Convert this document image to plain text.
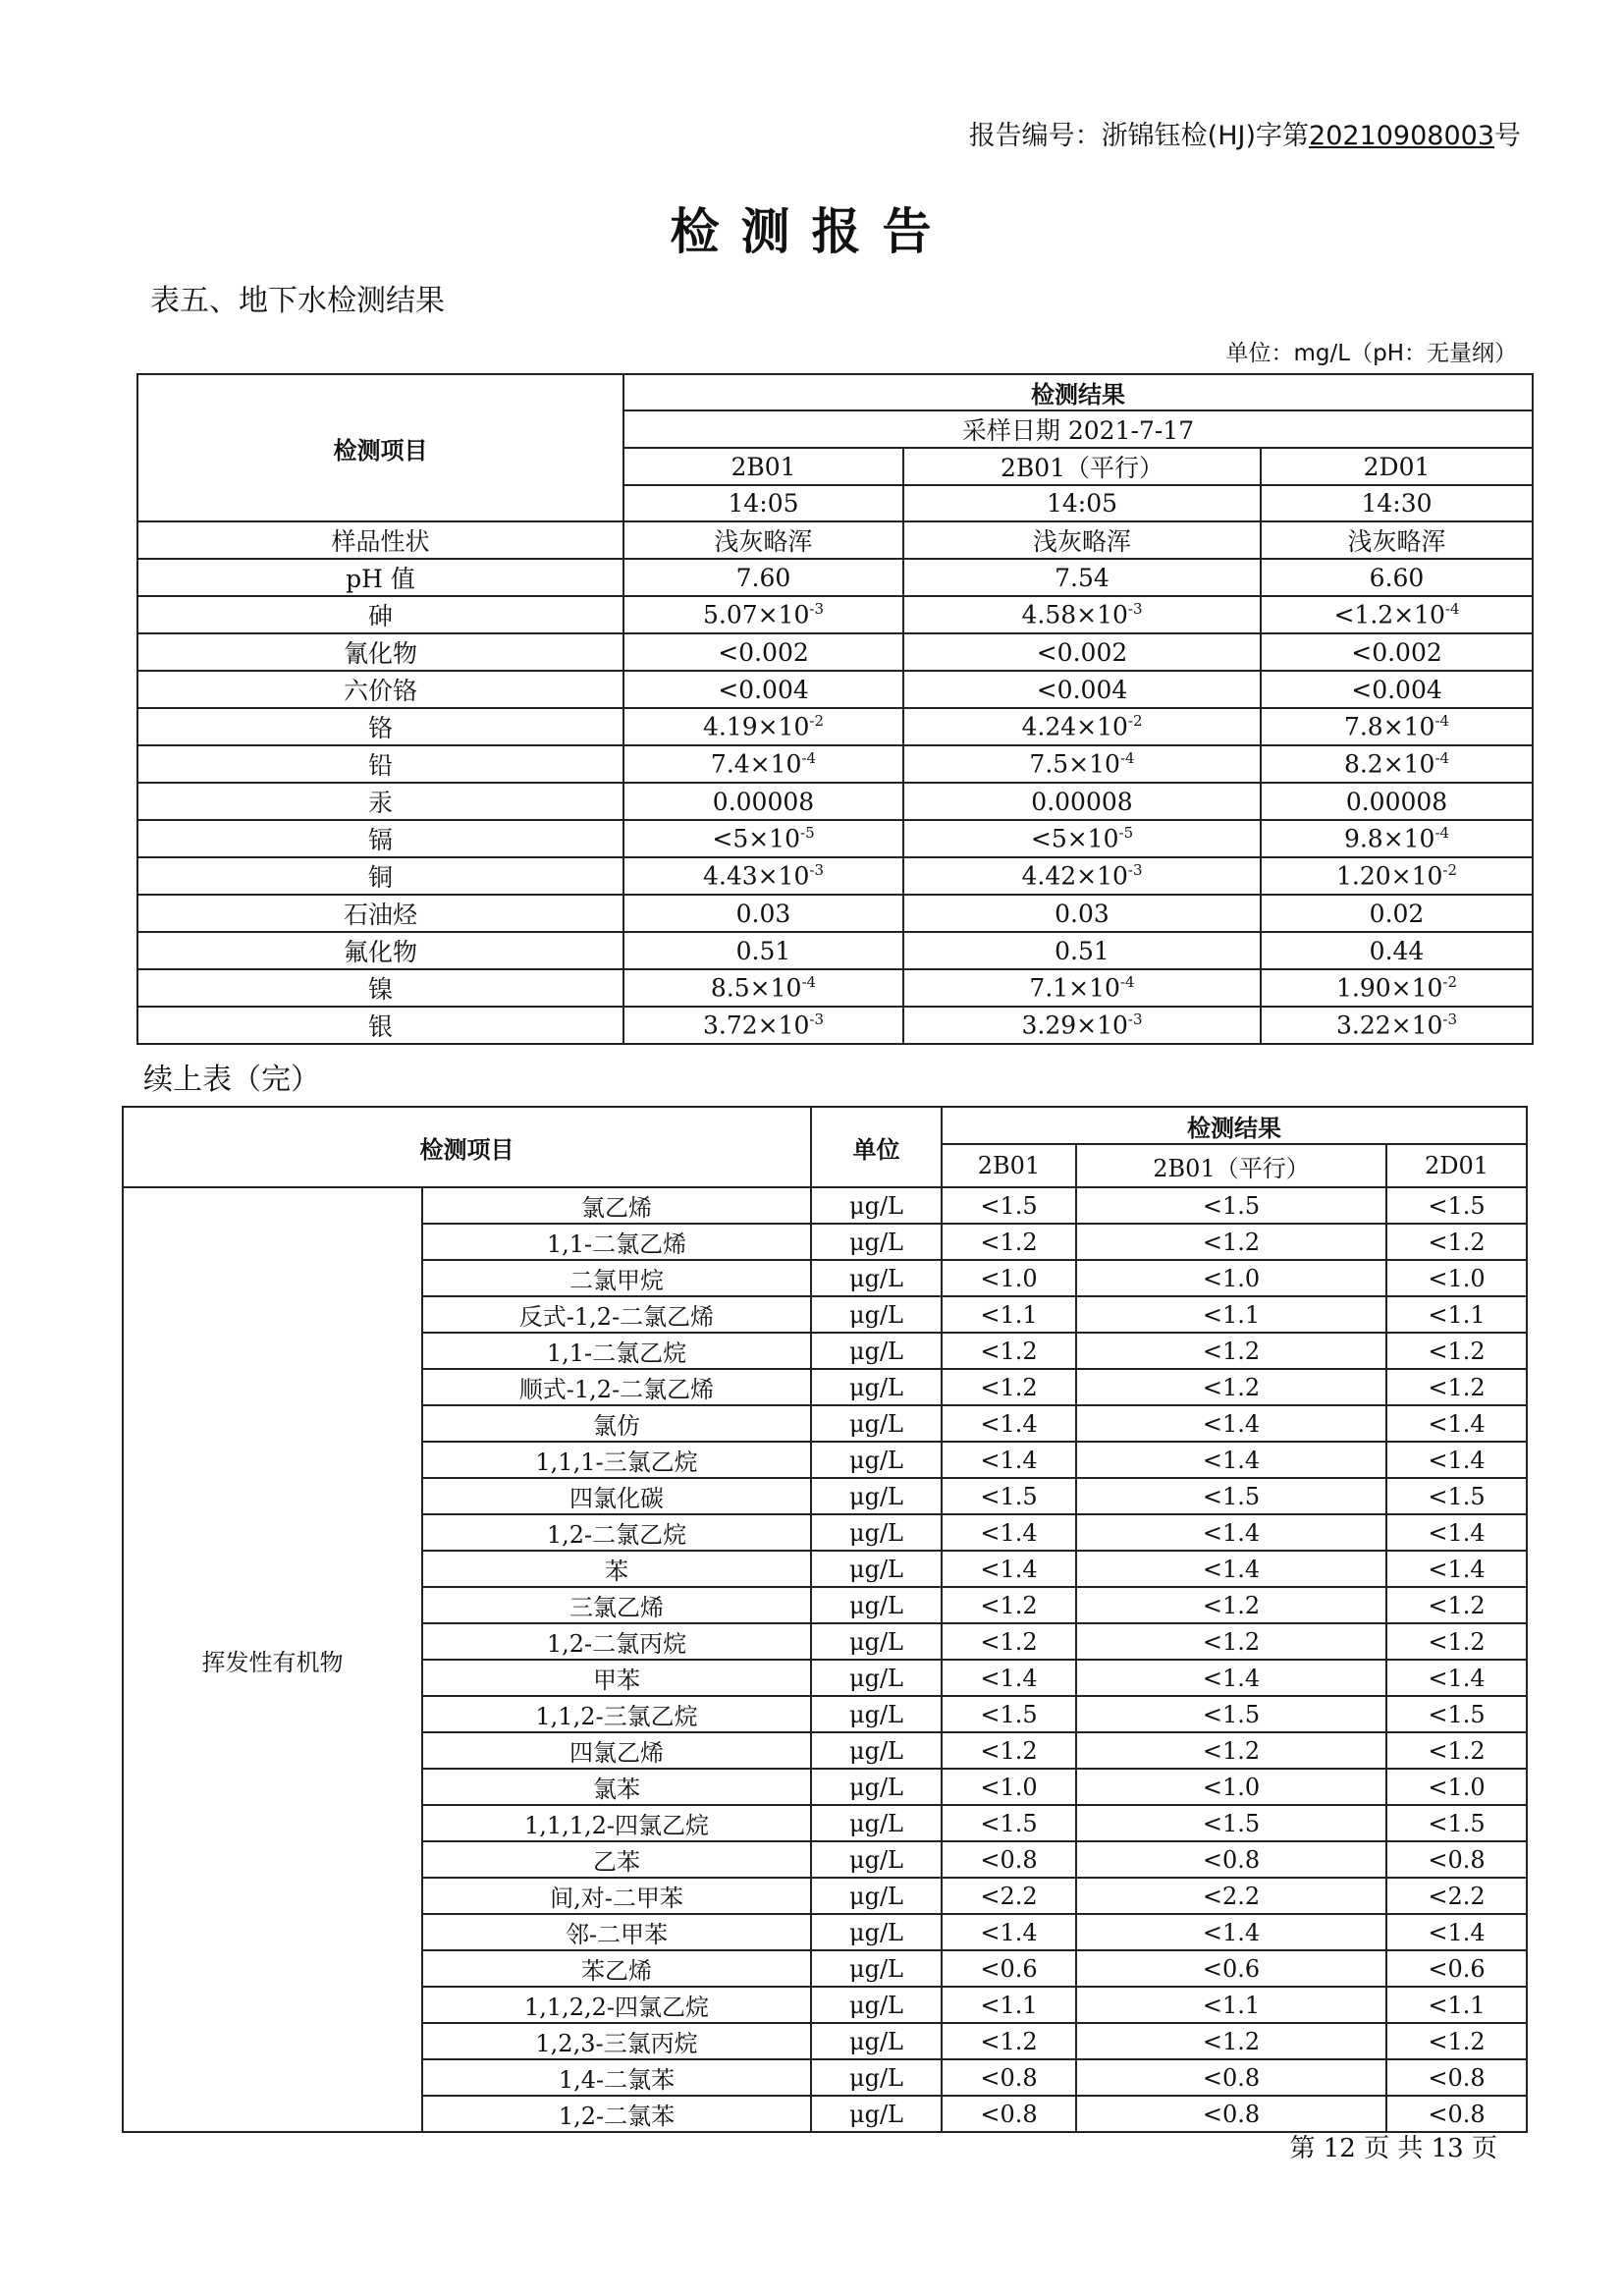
报告编号：浙锦钰检(HJ)字第20210908003号
检测报告
表五、地下水检测结果
单位：mg/L（pH：无量纲）
检测项目	检测结果		
	采样日期 2021-7-17		
	2B01	2B01（平行）	2D01
	14:05	14:05	14:30
样品性状	浅灰略浑	浅灰略浑	浅灰略浑
pH 值	7.60	7.54	6.60
砷	$5.07\times 10^{-3}$	$4.58\times 10^{-3}$	$<1.2\times 10^{-4}$
氰化物	<0.002	<0.002	<0.002
六价铬	<0.004	<0.004	<0.004
铬	$4.19\times 10^{-2}$	$4.24\times 10^{-2}$	$7.8\times 10^{-4}$
铅	$7.4\times 10^{-4}$	$7.5\times 10^{-4}$	$8.2\times 10^{-4}$
汞	0.00008	0.00008	0.00008
镉	$<5\times 10^{-5}$	$<5\times 10^{-5}$	$9.8\times 10^{-4}$
铜	$4.43\times 10^{-3}$	$4.42\times 10^{-3}$	$1.20\times 10^{-2}$
石油烃	0.03	0.03	0.02
氟化物	0.51	0.51	0.44
镍	$8.5\times 10^{-4}$	$7.1\times 10^{-4}$	$1.90\times 10^{-2}$
银	$3.72\times 10^{-3}$	$3.29\times 10^{-3}$	$3.22\times 10^{-3}$
续上表（完）
检测项目		单位	检测结果		
			2B01	2B01（平行）	2D01
挥发性有机物	氯乙烯	μg/L	<1.5	<1.5	<1.5
	1,1-二氯乙烯	μg/L	<1.2	<1.2	<1.2
	二氯甲烷	μg/L	<1.0	<1.0	<1.0
	反式-1,2-二氯乙烯	μg/L	<1.1	<1.1	<1.1
	1,1-二氯乙烷	μg/L	<1.2	<1.2	<1.2
	顺式-1,2-二氯乙烯	μg/L	<1.2	<1.2	<1.2
	氯仿	μg/L	<1.4	<1.4	<1.4
	1,1,1-三氯乙烷	μg/L	<1.4	<1.4	<1.4
	四氯化碳	μg/L	<1.5	<1.5	<1.5
	1,2-二氯乙烷	μg/L	<1.4	<1.4	<1.4
	苯	μg/L	<1.4	<1.4	<1.4
	三氯乙烯	μg/L	<1.2	<1.2	<1.2
	1,2-二氯丙烷	μg/L	<1.2	<1.2	<1.2
	甲苯	μg/L	<1.4	<1.4	<1.4
	1,1,2-三氯乙烷	μg/L	<1.5	<1.5	<1.5
	四氯乙烯	μg/L	<1.2	<1.2	<1.2
	氯苯	μg/L	<1.0	<1.0	<1.0
	1,1,1,2-四氯乙烷	μg/L	<1.5	<1.5	<1.5
	乙苯	μg/L	<0.8	<0.8	<0.8
	间,对-二甲苯	μg/L	<2.2	<2.2	<2.2
	邻-二甲苯	μg/L	<1.4	<1.4	<1.4
	苯乙烯	μg/L	<0.6	<0.6	<0.6
	1,1,2,2-四氯乙烷	μg/L	<1.1	<1.1	<1.1
	1,2,3-三氯丙烷	μg/L	<1.2	<1.2	<1.2
	1,4-二氯苯	μg/L	<0.8	<0.8	<0.8
	1,2-二氯苯	μg/L	<0.8	<0.8	<0.8
第 12 页 共 13 页
